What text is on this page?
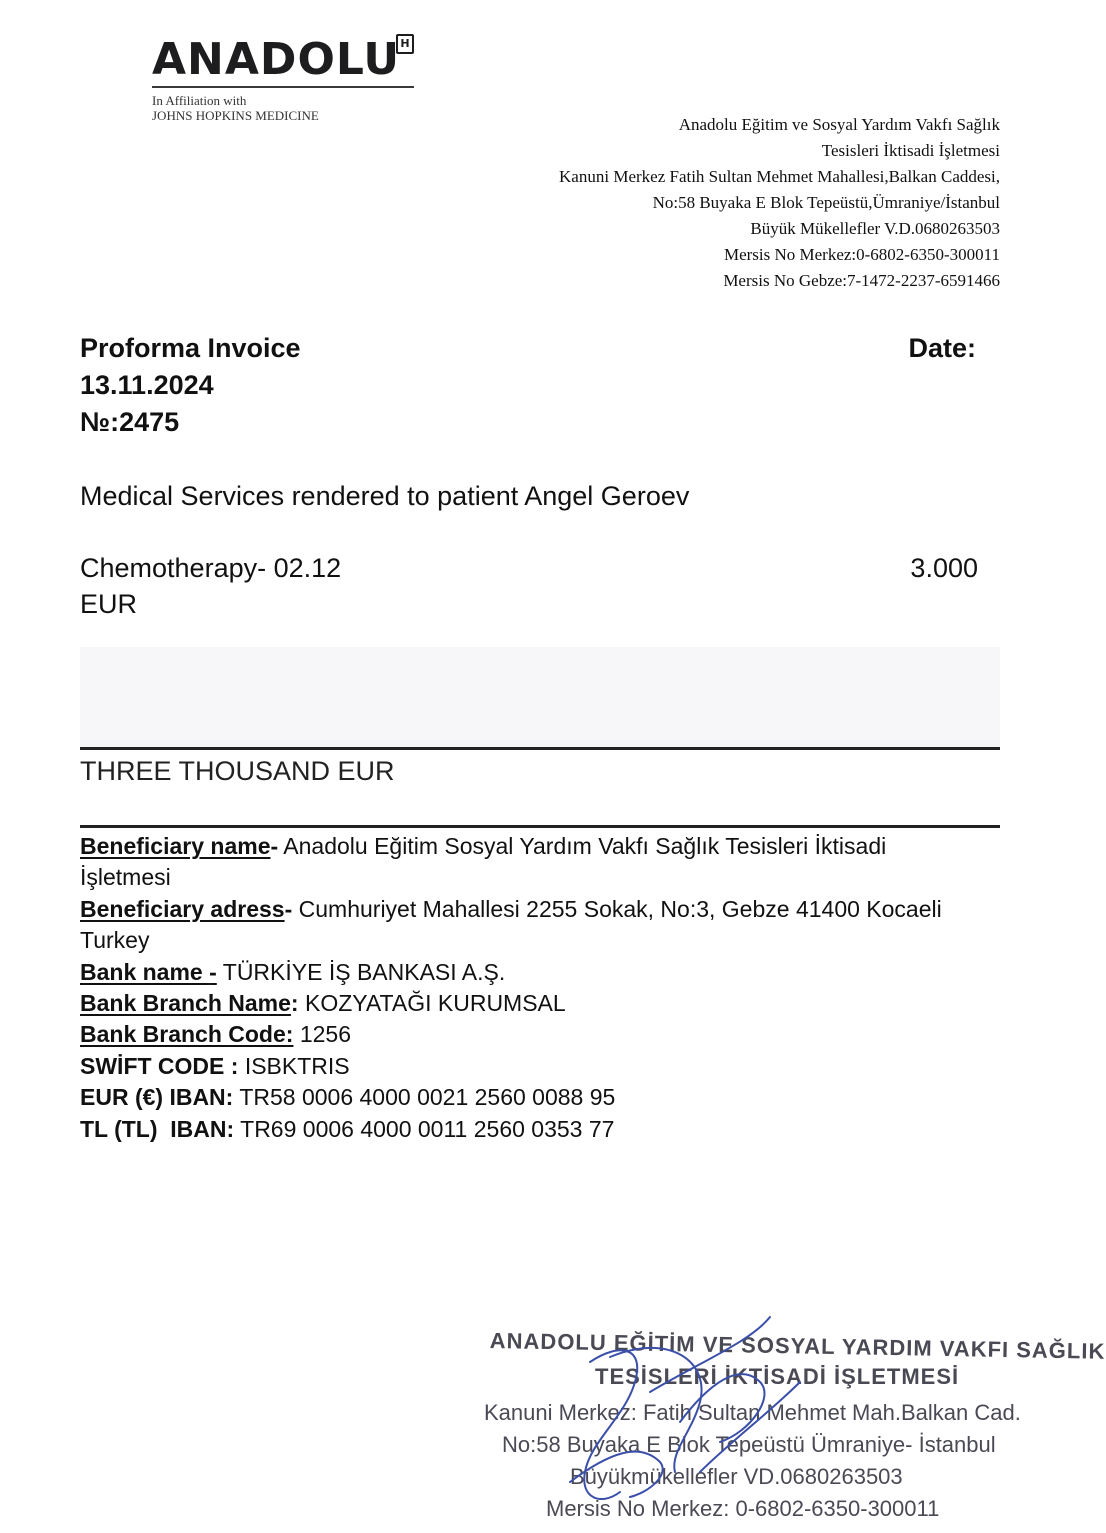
ANADOLU H
In Affiliation with
JOHNS HOPKINS MEDICINE	Anadolu Eğitim ve Sosyal Yardım Vakfı Sağlık
Tesisleri İktisadi İşletmesi
Kanuni Merkez Fatih Sultan Mehmet Mahallesi,Balkan Caddesi,
No:58 Buyaka E Blok Tepeüstü,Ümraniye/İstanbul
Büyük Mükellefler V.D.0680263503
Mersis No Merkez:0-6802-6350-300011
Mersis No Gebze:7-1472-2237-6591466
Proforma Invoice
13.11.2024
№:2475
Date:
Medical Services rendered to patient Angel Geroev
Chemotherapy- 02.12
EUR
3.000
THREE THOUSAND EUR
Beneficiary name- Anadolu Eğitim Sosyal Yardım Vakfı Sağlık Tesisleri İktisadi İşletmesi
Beneficiary adress- Cumhuriyet Mahallesi 2255 Sokak, No:3, Gebze 41400 Kocaeli Turkey
Bank name - TÜRKİYE İŞ BANKASI A.Ş.
Bank Branch Name: KOZYATAĞI KURUMSAL
Bank Branch Code: 1256
SWİFT CODE : ISBKTRIS
EUR (€) IBAN: TR58 0006 4000 0021 2560 0088 95
TL (TL)  IBAN: TR69 0006 4000 0011 2560 0353 77
ANADOLU EĞİTİM VE SOSYAL YARDIM VAKFI SAĞLIK
TESİSLERİ İKTİSADİ İŞLETMESİ
Kanuni Merkez: Fatih Sultan Mehmet Mah.Balkan Cad.
No:58 Buyaka E Blok Tepeüstü Ümraniye- İstanbul
Büyükmükellefler VD.0680263503
Mersis No Merkez: 0-6802-6350-300011
